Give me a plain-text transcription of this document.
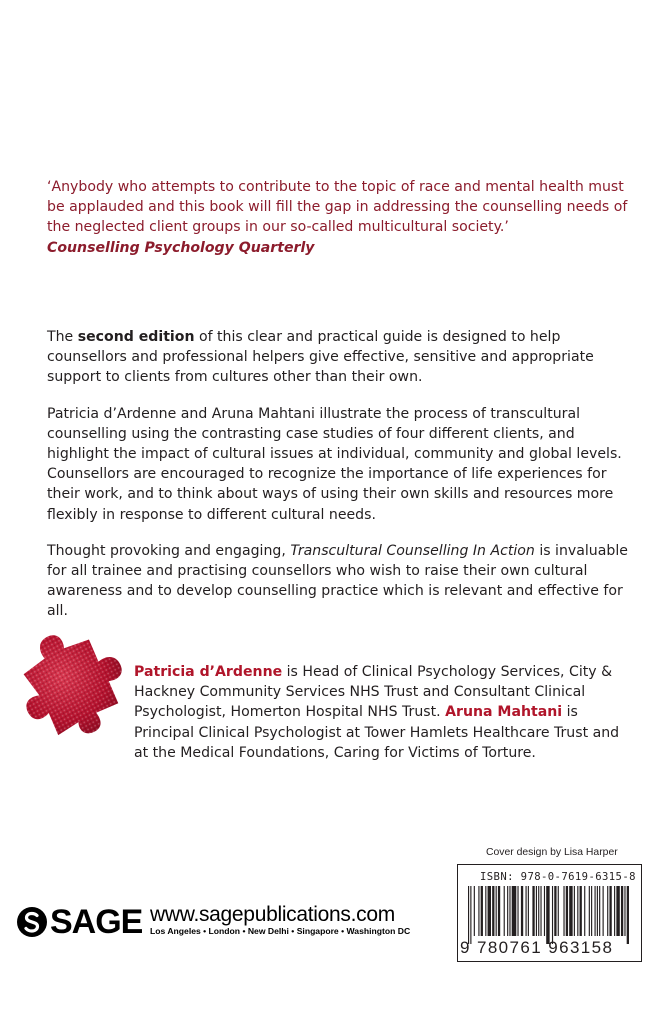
‘Anybody who attempts to contribute to the topic of race and mental health must be applauded and this book will fill the gap in addressing the counselling needs of the neglected client groups in our so-called multicultural society.’
Counselling Psychology Quarterly

The second edition of this clear and practical guide is designed to help counsellors and professional helpers give effective, sensitive and appropriate support to clients from cultures other than their own.

Patricia d’Ardenne and Aruna Mahtani illustrate the process of transcultural counselling using the contrasting case studies of four different clients, and highlight the impact of cultural issues at individual, community and global levels. Counsellors are encouraged to recognize the importance of life experiences for their work, and to think about ways of using their own skills and resources more flexibly in response to different cultural needs.

Thought provoking and engaging, Transcultural Counselling In Action is invaluable for all trainee and practising counsellors who wish to raise their own cultural awareness and to develop counselling practice which is relevant and effective for all.

Patricia d’Ardenne is Head of Clinical Psychology Services, City & Hackney Community Services NHS Trust and Consultant Clinical Psychologist, Homerton Hospital NHS Trust. Aruna Mahtani is Principal Clinical Psychologist at Tower Hamlets Healthcare Trust and at the Medical Foundations, Caring for Victims of Torture.
Cover design by Lisa Harper
ISBN: 978-0-7619-6315-8
9 780761 963158
SAGE www.sagepublications.com
Los Angeles • London • New Delhi • Singapore • Washington DC
